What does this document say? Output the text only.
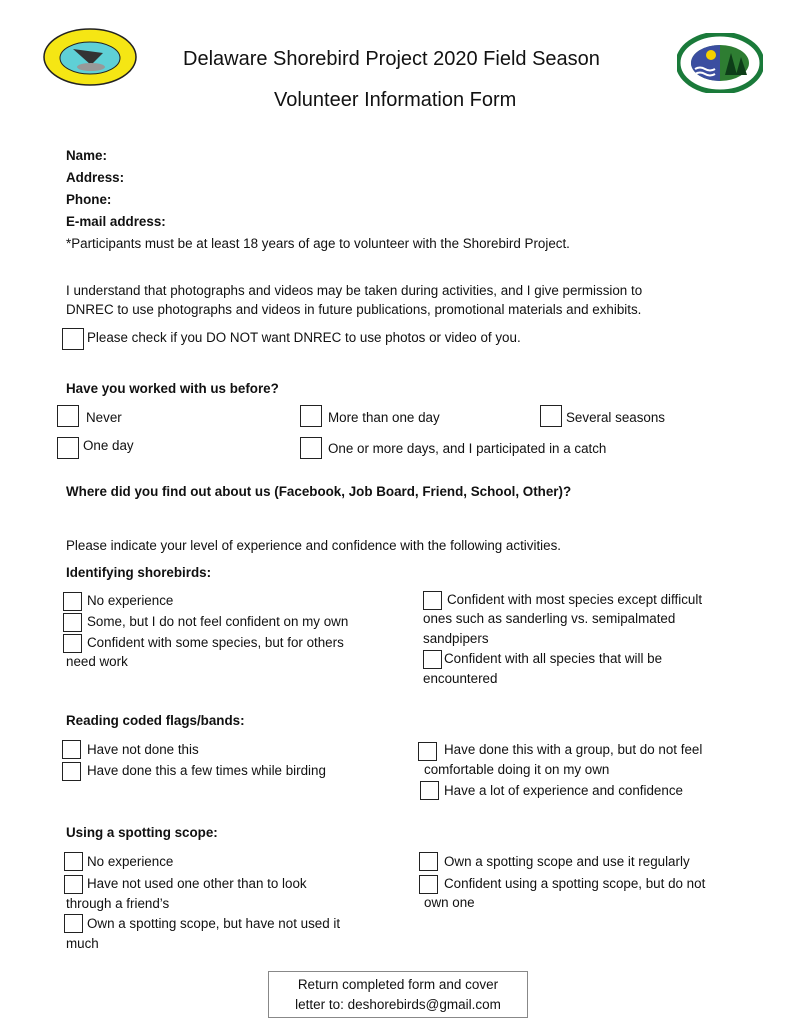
Delaware Shorebird Project 2020 Field Season
Volunteer Information Form
Name:
Address:
Phone:
E-mail address:
*Participants must be at least 18 years of age to volunteer with the Shorebird Project.
I understand that photographs and videos may be taken during activities, and I give permission to
DNREC to use photographs and videos in future publications, promotional materials and exhibits.
Please check if you DO NOT want DNREC to use photos or video of you.
Have you worked with us before?
Never	More than one day	Several seasons
One day	One or more days, and I participated in a catch
Where did you find out about us (Facebook, Job Board, Friend, School, Other)?
Please indicate your level of experience and confidence with the following activities.
Identifying shorebirds:
No experience
Some, but I do not feel confident on my own
Confident with some species, but for others
need work
Confident with most species except difficult
ones such as sanderling vs. semipalmated
sandpipers
Confident with all species that will be
encountered
Reading coded flags/bands:
Have not done this
Have done this a few times while birding
Have done this with a group, but do not feel
comfortable doing it on my own
Have a lot of experience and confidence
Using a spotting scope:
No experience
Have not used one other than to look
through a friend’s
Own a spotting scope, but have not used it
much
Own a spotting scope and use it regularly
Confident using a spotting scope, but do not
own one
Return completed form and cover
letter to: deshorebirds@gmail.com
